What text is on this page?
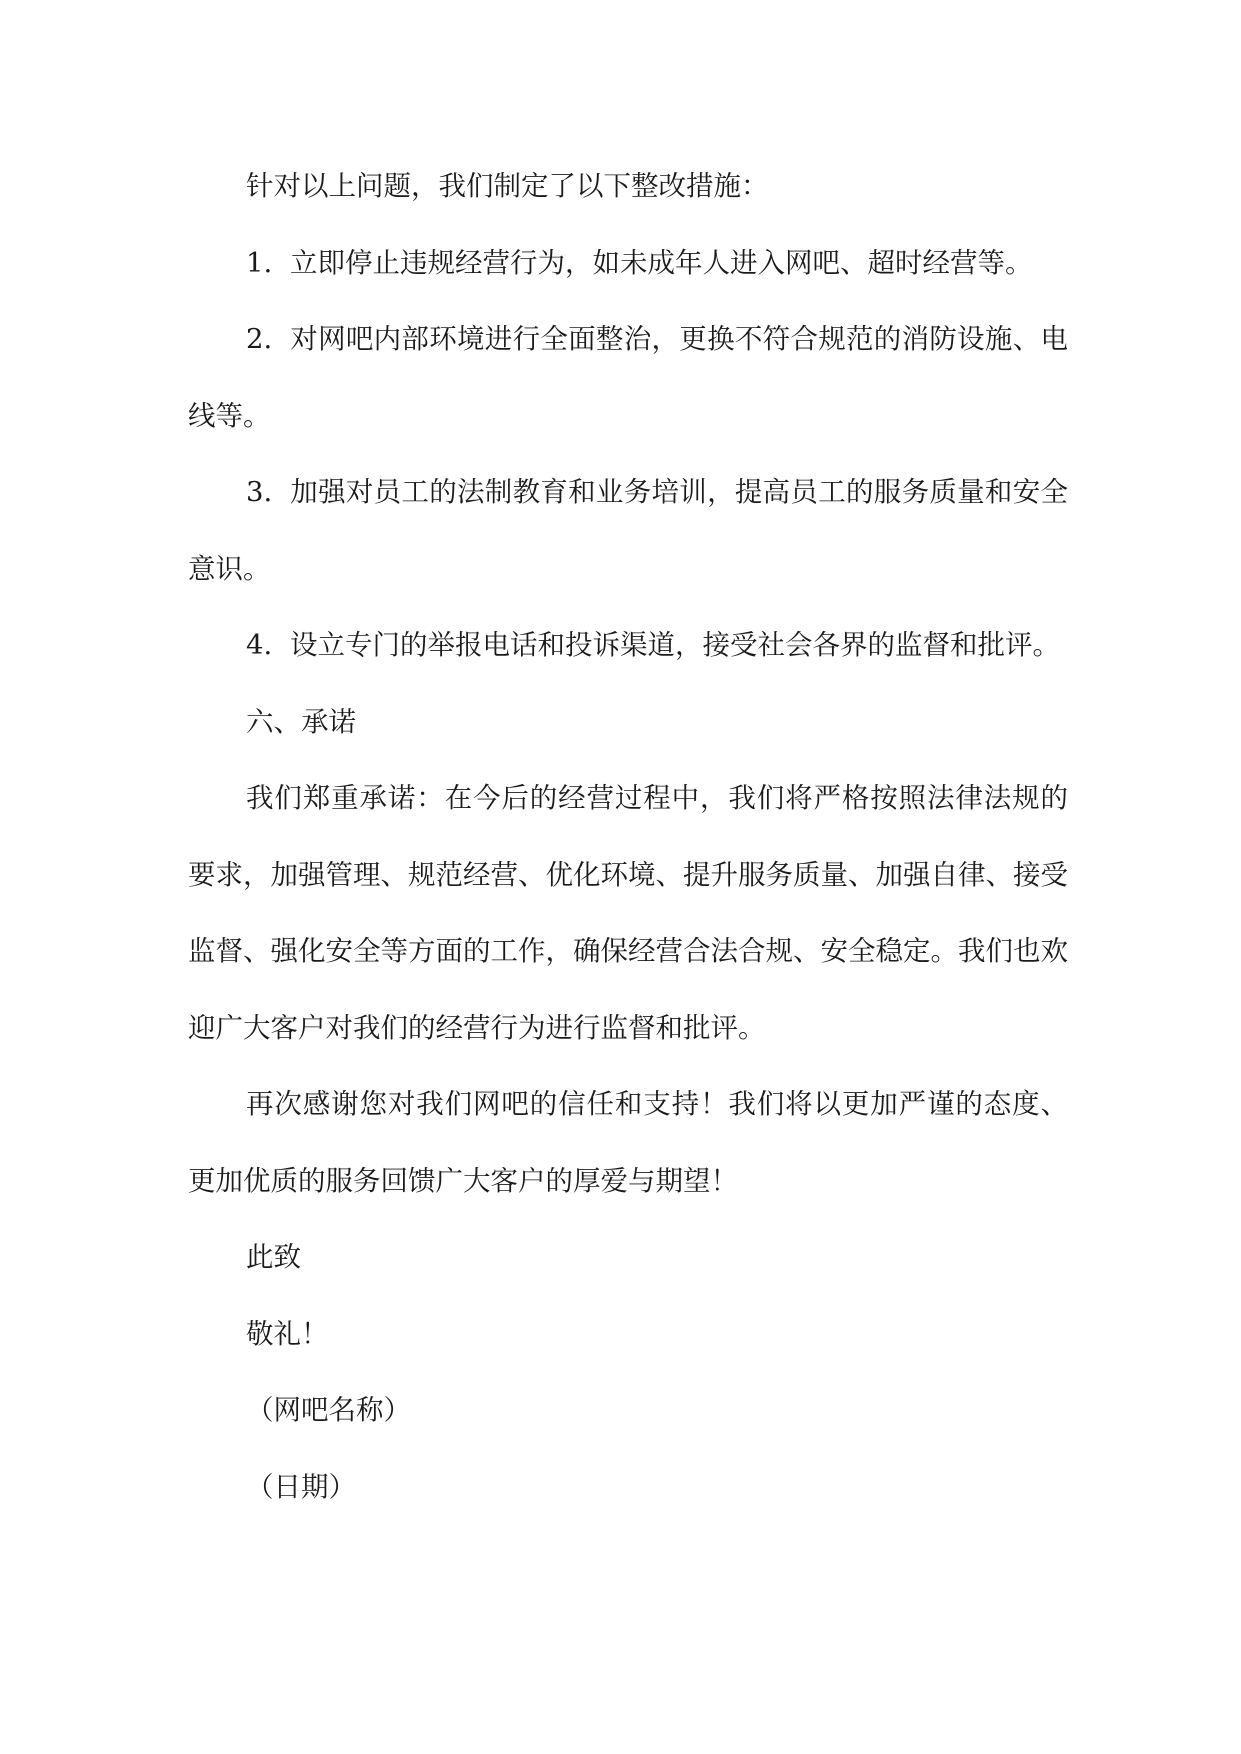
针对以上问题，我们制定了以下整改措施：

1. 立即停止违规经营行为，如未成年人进入网吧、超时经营等。

2. 对网吧内部环境进行全面整治，更换不符合规范的消防设施、电线等。

3. 加强对员工的法制教育和业务培训，提高员工的服务质量和安全意识。

4. 设立专门的举报电话和投诉渠道，接受社会各界的监督和批评。

六、承诺

我们郑重承诺：在今后的经营过程中，我们将严格按照法律法规的要求，加强管理、规范经营、优化环境、提升服务质量、加强自律、接受监督、强化安全等方面的工作，确保经营合法合规、安全稳定。我们也欢迎广大客户对我们的经营行为进行监督和批评。

再次感谢您对我们网吧的信任和支持！我们将以更加严谨的态度、更加优质的服务回馈广大客户的厚爱与期望！

此致

敬礼！

（网吧名称）

（日期）
